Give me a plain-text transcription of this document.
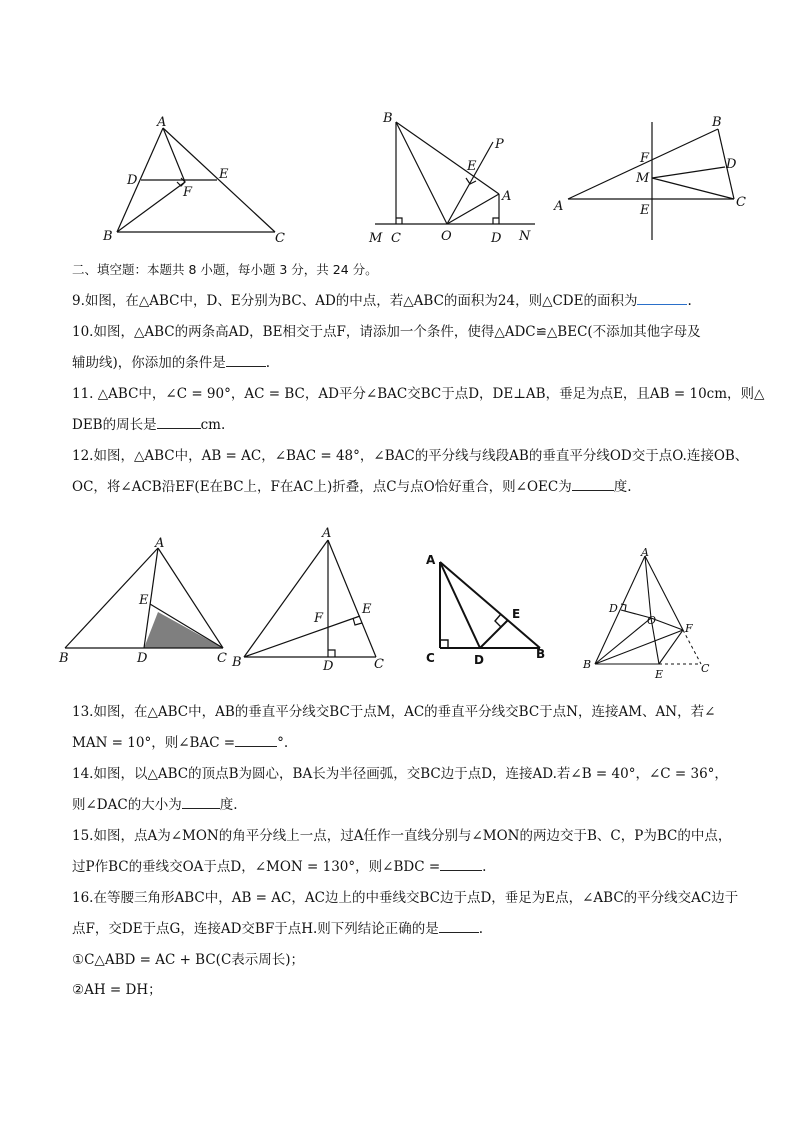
A
D	E
F
B	C
B
P
E
A
M C	O	D N
B
F	D
M
A	E
C
二、填空题：本题共 8 小题，每小题 3 分，共 24 分。
9.如图，在△ABC中，D、E分别为BC、AD的中点，若△ABC的面积为24，则△CDE的面积为	.
10.如图，△ABC的两条高AD，BE相交于点F，请添加一个条件，使得△ADC≌△BEC(不添加其他字母及
辅助线)，你添加的条件是	.
11. △ABC中，∠C = 90°，AC = BC，AD平分∠BAC交BC于点D，DE⊥AB，垂足为点E，且AB = 10cm，则△
DEB的周长是	cm.
12.如图，△ABC中，AB = AC，∠BAC = 48°，∠BAC的平分线与线段AB的垂直平分线OD交于点O.连接OB、
OC，将∠ACB沿EF(E在BC上，F在AC上)折叠，点C与点O恰好重合，则∠OEC为	度.
A
E
B	D	C
A
F
E
B	D	C
A
E
C	D	B
A
D
O
F
B
E	C
13.如图，在△ABC中，AB的垂直平分线交BC于点M，AC的垂直平分线交BC于点N，连接AM、AN，若∠
MAN = 10°，则∠BAC =	°.
14.如图，以△ABC的顶点B为圆心，BA长为半径画弧，交BC边于点D，连接AD.若∠B = 40°，∠C = 36°，
则∠DAC的大小为	度.
15.如图，点A为∠MON的角平分线上一点，过A任作一直线分别与∠MON的两边交于B、C，P为BC的中点，
过P作BC的垂线交OA于点D，∠MON = 130°，则∠BDC =	.
16.在等腰三角形ABC中，AB = AC，AC边上的中垂线交BC边于点D，垂足为E点，∠ABC的平分线交AC边于
点F，交DE于点G，连接AD交BF于点H.则下列结论正确的是	.
①C△ABD = AC + BC(C表示周长)；
②AH = DH；
